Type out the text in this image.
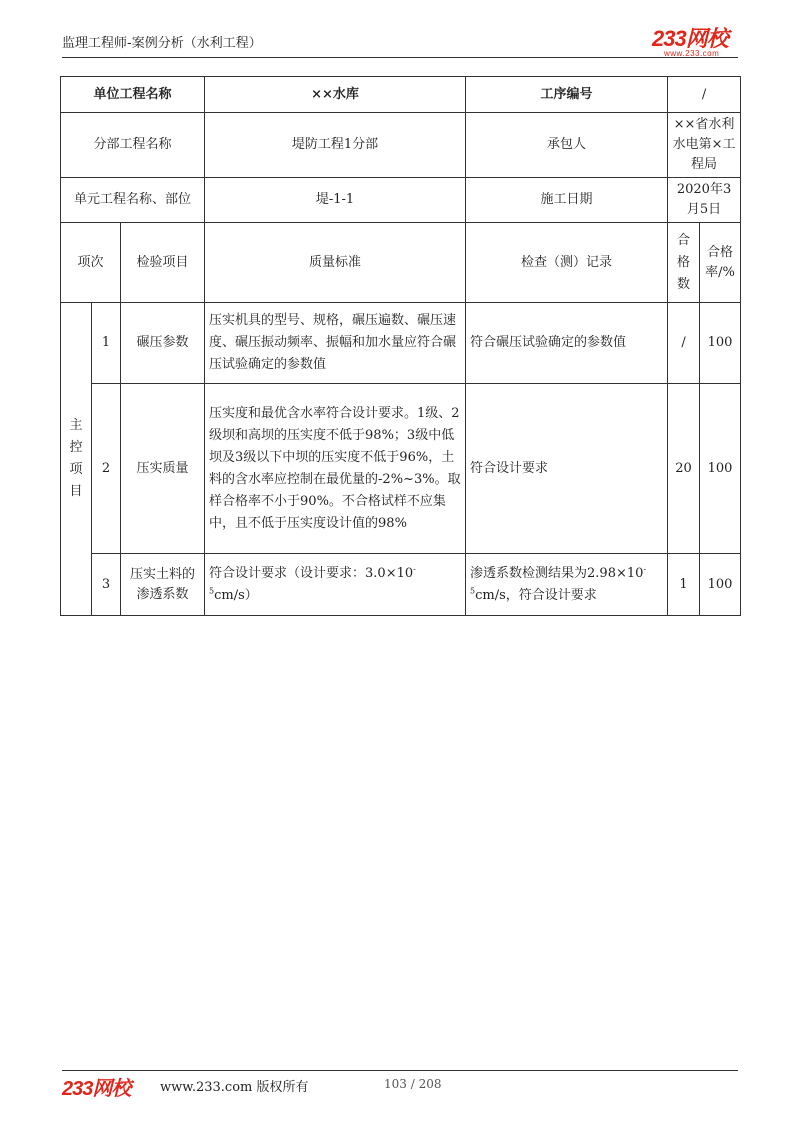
监理工程师-案例分析（水利工程）	233网校
www.233.com
单位工程名称			××水库	工序编号	/	
分部工程名称			堤防工程1分部	承包人	××省水利水电第×工程局	
单元工程名称、部位			堤-1-1	施工日期	2020年3月5日	
项次		检验项目	质量标准	检查（测）记录	合格数	合格率/%
主控项目	1	碾压参数	压实机具的型号、规格，碾压遍数、碾压速度、碾压振动频率、振幅和加水量应符合碾压试验确定的参数值	符合碾压试验确定的参数值	/	100
	2	压实质量	压实度和最优含水率符合设计要求。1级、2级坝和高坝的压实度不低于98%；3级中低坝及3级以下中坝的压实度不低于96%，土料的含水率应控制在最优量的-2%~3%。取样合格率不小于90%。不合格试样不应集中，且不低于压实度设计值的98%	符合设计要求	20	100
	3	压实土料的渗透系数	符合设计要求（设计要求：$3.0\times 10^{-5}cm/s$）	渗透系数检测结果为$2.98\times 10^{-5}cm/s$，符合设计要求	1	100
233网校 www.233.com 版权所有	103 / 208
